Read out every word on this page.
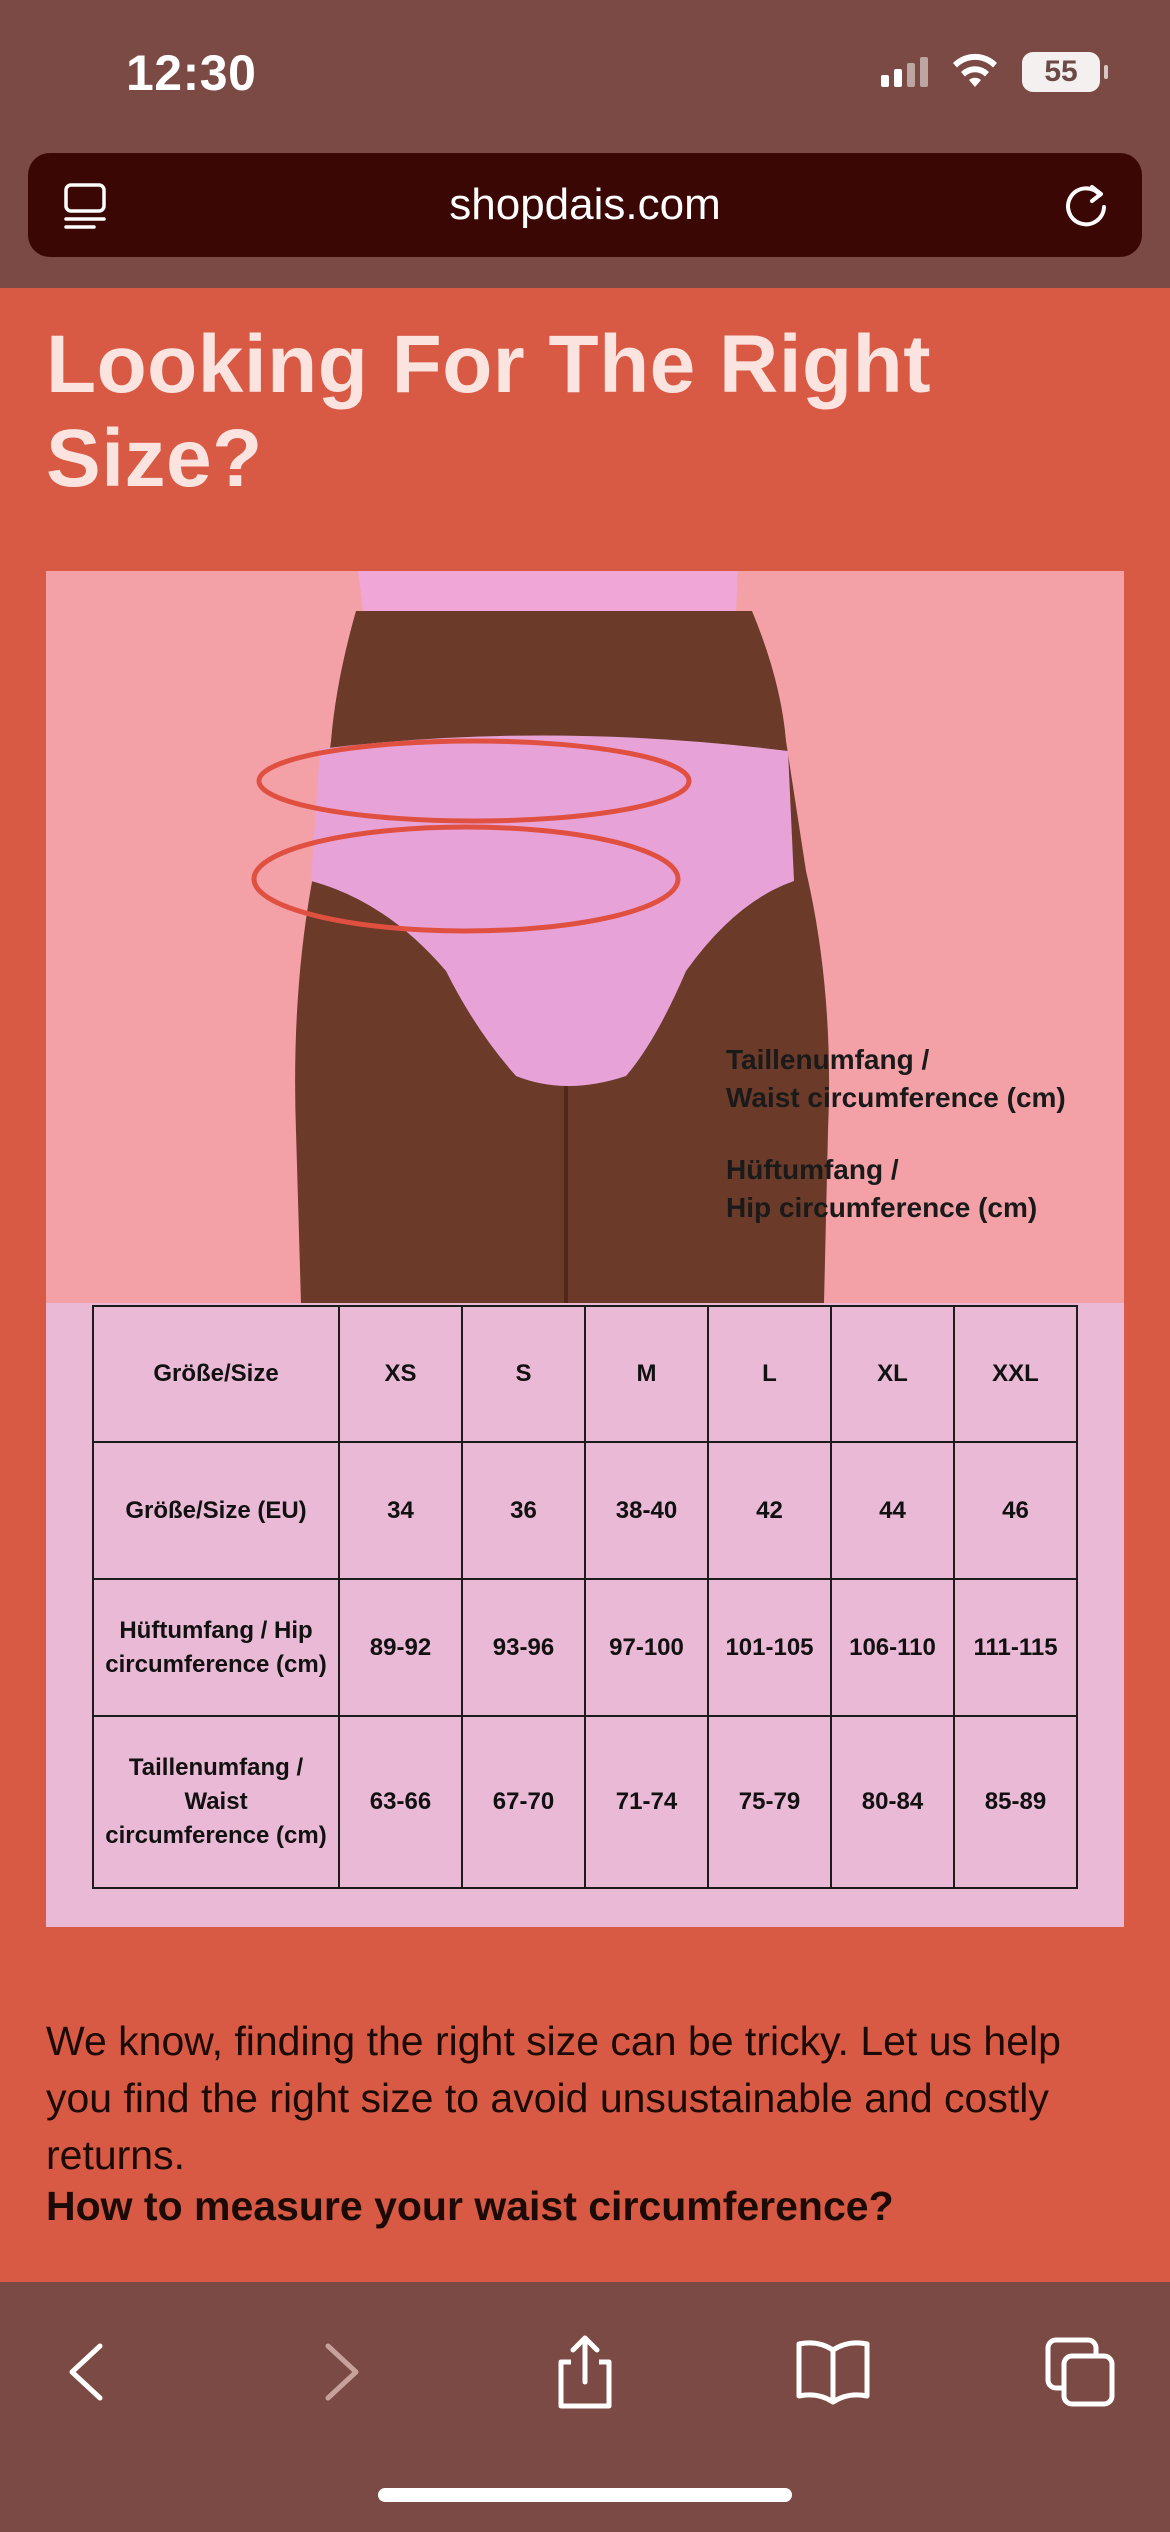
12:30	55
shopdais.com
Looking For The Right Size?
Taillenumfang /
Waist circumference (cm)
Hüftumfang /
Hip circumference (cm)
Größe/Size	XS	S	M	L	XL	XXL
Größe/Size (EU)	34	36	38-40	42	44	46
Hüftumfang / Hip circumference (cm)	89-92	93-96	97-100	101-105	106-110	111-115
Taillenumfang / Waist circumference (cm)	63-66	67-70	71-74	75-79	80-84	85-89

We know, finding the right size can be tricky. Let us help you find the right size to avoid unsustainable and costly returns.

How to measure your waist circumference?
